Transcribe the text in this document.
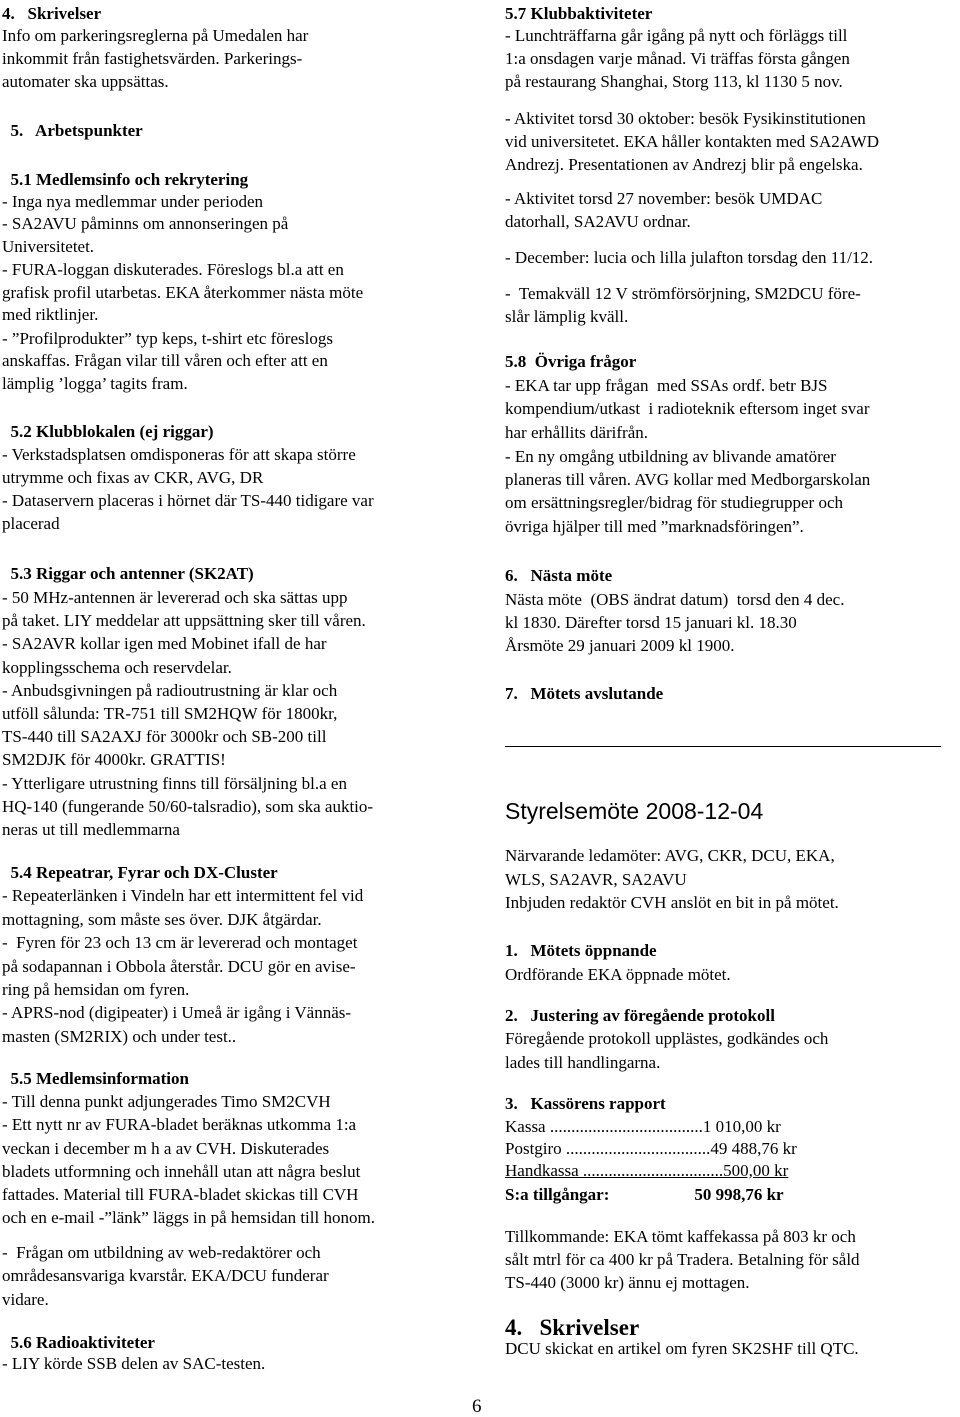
4.   Skrivelser
Info om parkeringsreglerna på Umedalen har
inkommit från fastighetsvärden. Parkerings-
automater ska uppsättas.
5.   Arbetspunkter
5.1 Medlemsinfo och rekrytering
- Inga nya medlemmar under perioden
- SA2AVU påminns om annonseringen på
Universitetet.
- FURA-loggan diskuterades. Föreslogs bl.a att en
grafisk profil utarbetas. EKA återkommer nästa möte
med riktlinjer.
- ”Profilprodukter” typ keps, t-shirt etc föreslogs
anskaffas. Frågan vilar till våren och efter att en
lämplig ’logga’ tagits fram.
5.2 Klubblokalen (ej riggar)
- Verkstadsplatsen omdisponeras för att skapa större
utrymme och fixas av CKR, AVG, DR
- Dataservern placeras i hörnet där TS-440 tidigare var
placerad
5.3 Riggar och antenner (SK2AT)
- 50 MHz-antennen är levererad och ska sättas upp
på taket. LIY meddelar att uppsättning sker till våren.
- SA2AVR kollar igen med Mobinet ifall de har
kopplingsschema och reservdelar.
- Anbudsgivningen på radioutrustning är klar och
utföll sålunda: TR-751 till SM2HQW för 1800kr,
TS-440 till SA2AXJ för 3000kr och SB-200 till
SM2DJK för 4000kr. GRATTIS!
- Ytterligare utrustning finns till försäljning bl.a en
HQ-140 (fungerande 50/60-talsradio), som ska auktio-
neras ut till medlemmarna
5.4 Repeatrar, Fyrar och DX-Cluster
- Repeaterlänken i Vindeln har ett intermittent fel vid
mottagning, som måste ses över. DJK åtgärdar.
-  Fyren för 23 och 13 cm är levererad och montaget
på sodapannan i Obbola återstår. DCU gör en avise-
ring på hemsidan om fyren.
- APRS-nod (digipeater) i Umeå är igång i Vännäs-
masten (SM2RIX) och under test..
5.5 Medlemsinformation
- Till denna punkt adjungerades Timo SM2CVH
- Ett nytt nr av FURA-bladet beräknas utkomma 1:a
veckan i december m h a av CVH. Diskuterades
bladets utformning och innehåll utan att några beslut
fattades. Material till FURA-bladet skickas till CVH
och en e-mail -”länk” läggs in på hemsidan till honom.
-  Frågan om utbildning av web-redaktörer och
områdesansvariga kvarstår. EKA/DCU funderar
vidare.
5.6 Radioaktiviteter
- LIY körde SSB delen av SAC-testen.
5.7 Klubbaktiviteter
- Lunchträffarna går igång på nytt och förläggs till
1:a onsdagen varje månad. Vi träffas första gången
på restaurang Shanghai, Storg 113, kl 1130 5 nov.
- Aktivitet torsd 30 oktober: besök Fysikinstitutionen
vid universitetet. EKA håller kontakten med SA2AWD
Andrezj. Presentationen av Andrezj blir på engelska.
- Aktivitet torsd 27 november: besök UMDAC
datorhall, SA2AVU ordnar.
- December: lucia och lilla julafton torsdag den 11/12.
-  Temakväll 12 V strömförsörjning, SM2DCU före-
slår lämplig kväll.
5.8  Övriga frågor
- EKA tar upp frågan  med SSAs ordf. betr BJS
kompendium/utkast  i radioteknik eftersom inget svar
har erhållits därifrån.
- En ny omgång utbildning av blivande amatörer
planeras till våren. AVG kollar med Medborgarskolan
om ersättningsregler/bidrag för studiegrupper och
övriga hjälper till med ”marknadsföringen”.
6.   Nästa möte
Nästa möte  (OBS ändrat datum)  torsd den 4 dec.
kl 1830. Därefter torsd 15 januari kl. 18.30
Årsmöte 29 januari 2009 kl 1900.
7.   Mötets avslutande
Styrelsemöte 2008-12-04
Närvarande ledamöter: AVG, CKR, DCU, EKA,
WLS, SA2AVR, SA2AVU
Inbjuden redaktör CVH anslöt en bit in på mötet.
1.   Mötets öppnande
Ordförande EKA öppnade mötet.
2.   Justering av föregående protokoll
Föregående protokoll upplästes, godkändes och
lades till handlingarna.
3.   Kassörens rapport
Kassa ....................................1 010,00 kr
Postgiro ..................................49 488,76 kr
Handkassa .................................500,00 kr
S:a tillgångar:                    50 998,76 kr
Tillkommande: EKA tömt kaffekassa på 803 kr och
sålt mtrl för ca 400 kr på Tradera. Betalning för såld
TS-440 (3000 kr) ännu ej mottagen.
4.   Skrivelser
DCU skickat en artikel om fyren SK2SHF till QTC.
6
